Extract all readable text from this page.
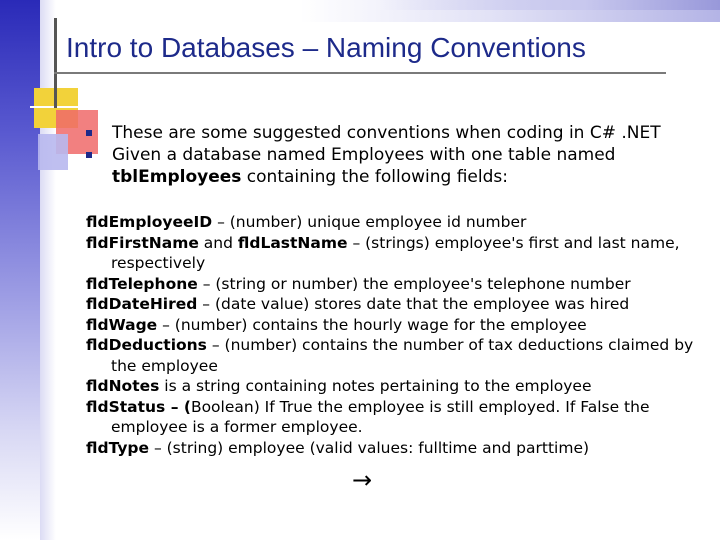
Intro to Databases – Naming Conventions
These are some suggested conventions when coding in C# .NET
Given a database named Employees with one table named
tblEmployees containing the following fields:
fldEmployeeID – (number) unique employee id number
fldFirstName and fldLastName – (strings) employee's first and last name,
respectively
fldTelephone – (string or number) the employee's telephone number
fldDateHired – (date value) stores date that the employee was hired
fldWage – (number) contains the hourly wage for the employee
fldDeductions – (number) contains the number of tax deductions claimed by
the employee
fldNotes is a string containing notes pertaining to the employee
fldStatus – (Boolean) If True the employee is still employed. If False the
employee is a former employee.
fldType – (string) employee (valid values: fulltime and parttime)
→
